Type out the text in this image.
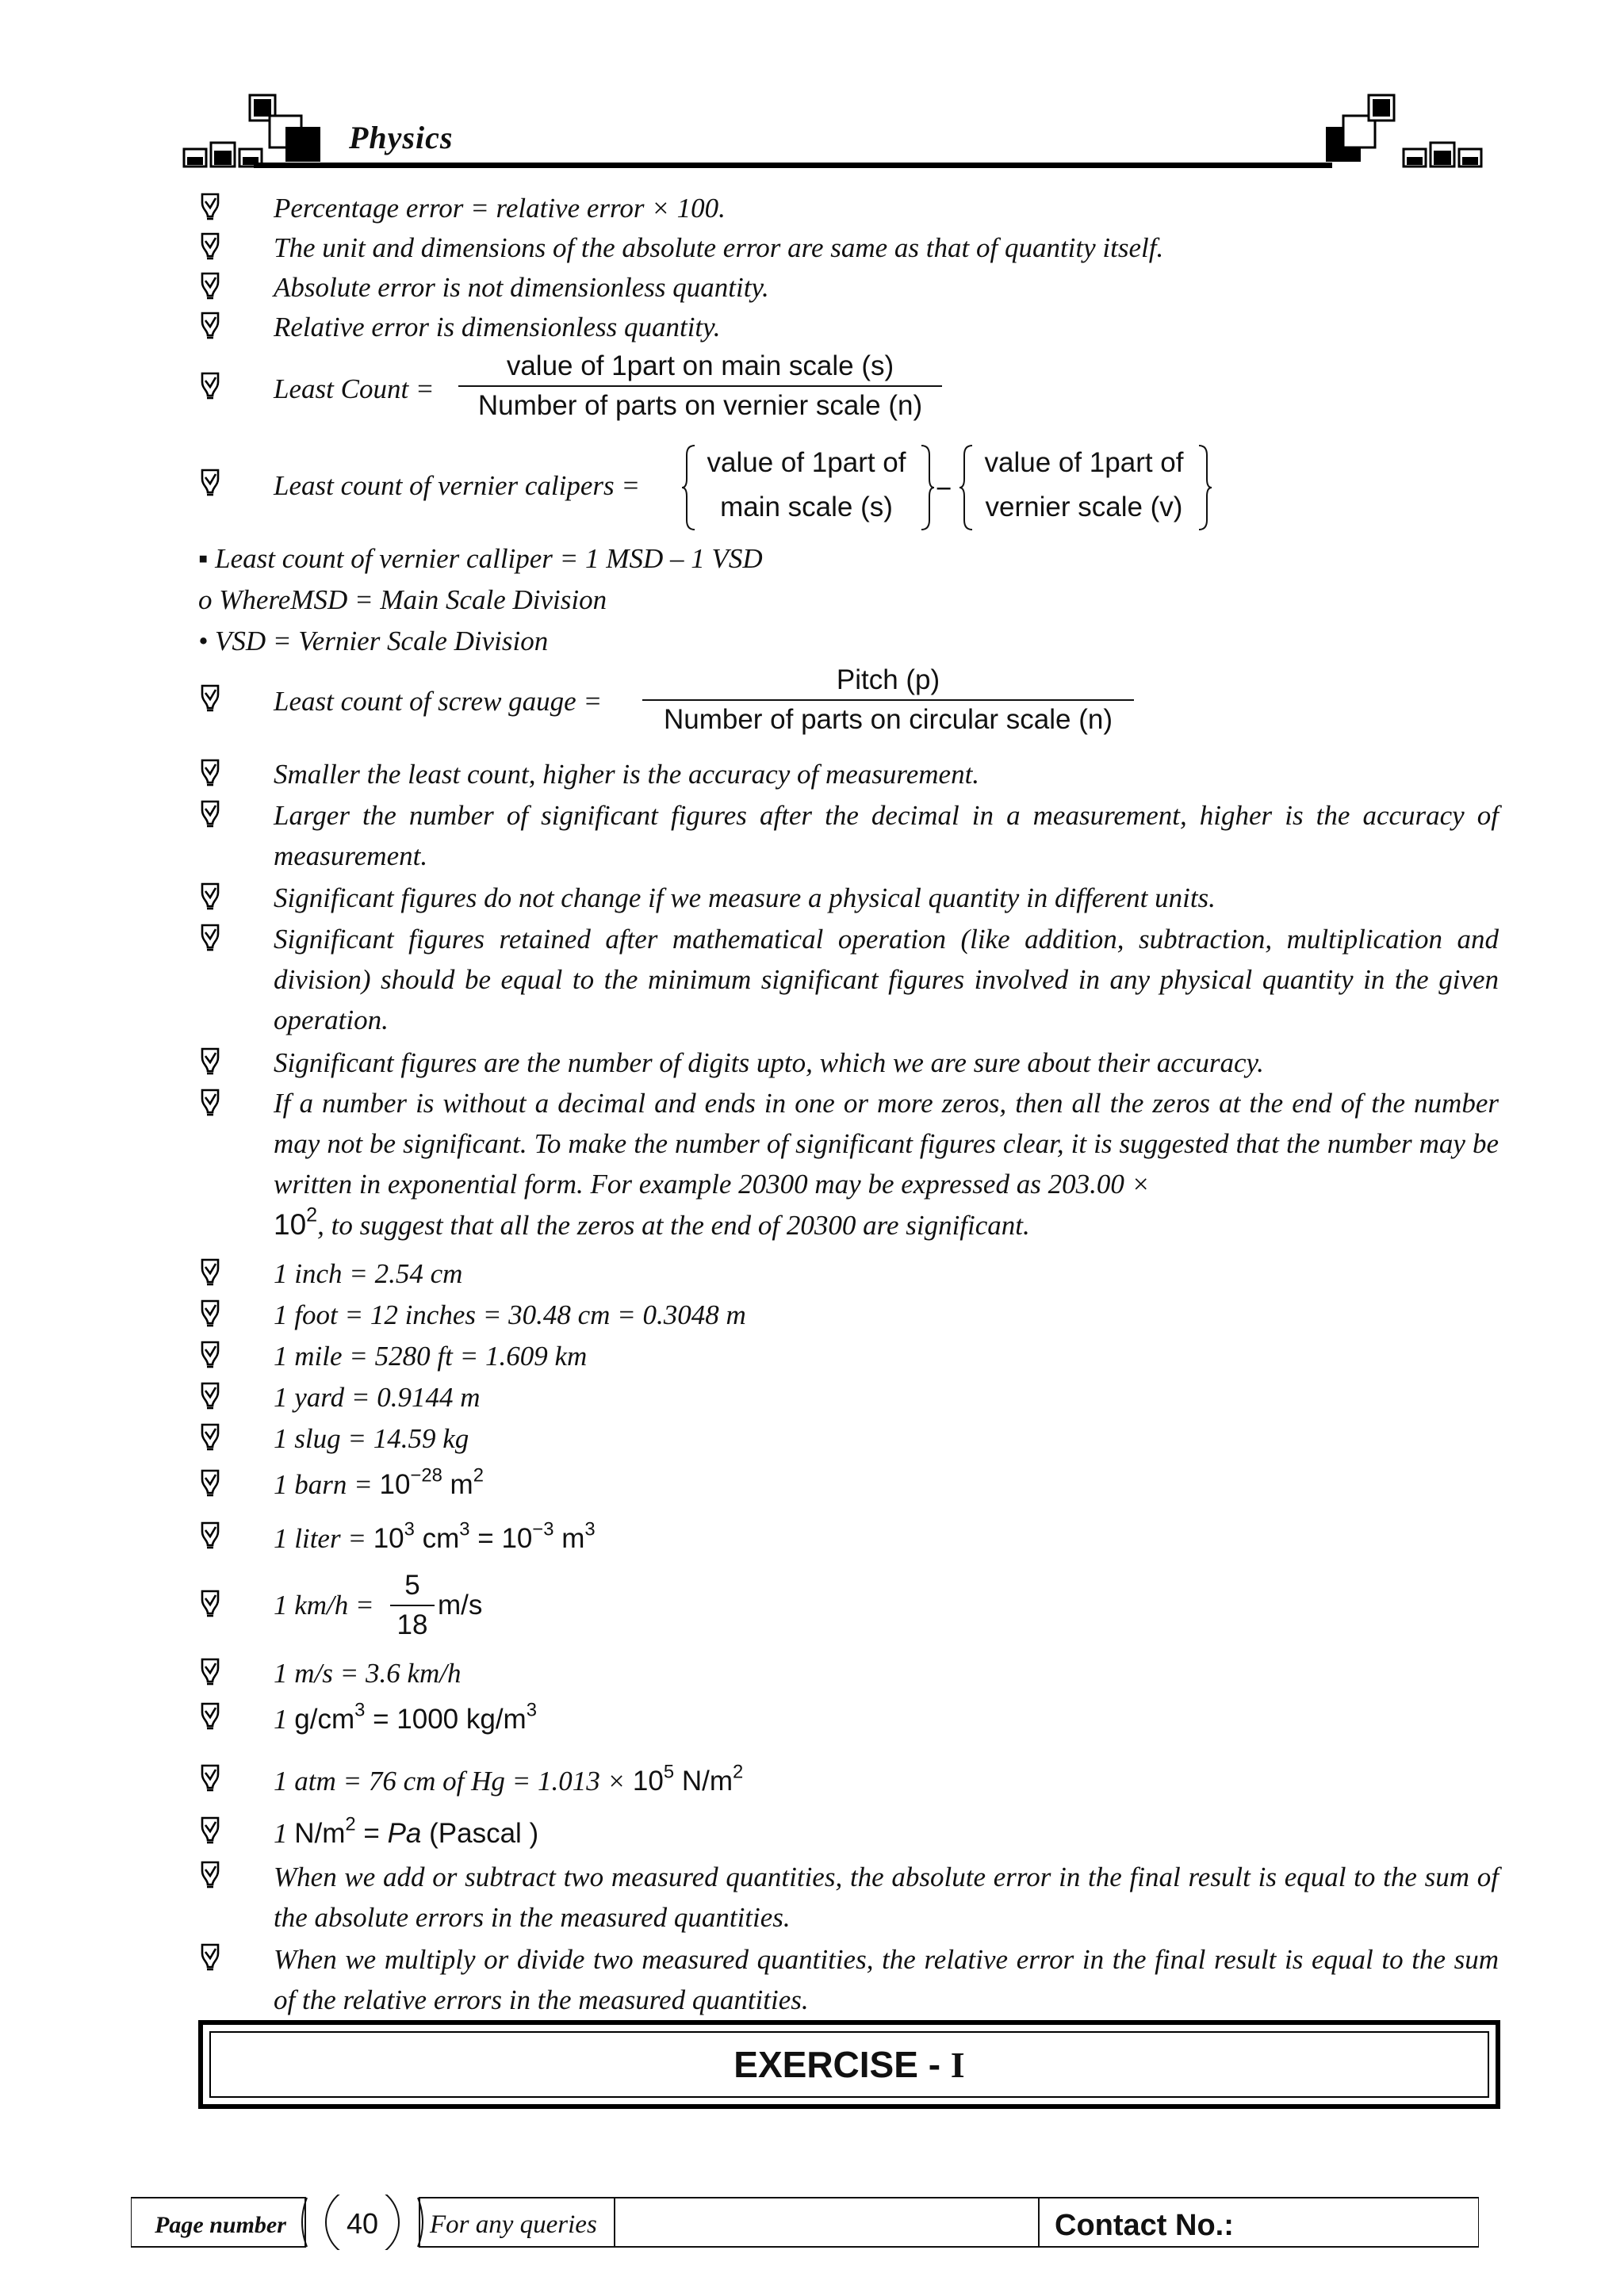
Physics
Percentage error = relative error × 100.
The unit and dimensions of the absolute error are same as that of quantity itself.
Absolute error is not dimensionless quantity.
Relative error is dimensionless quantity.
Least Count =
value of 1part on main scale (s)
Number of parts on vernier scale (n)
Least count of vernier calipers =
value of 1part of
main scale (s)
−
value of 1part of
vernier scale (v)
▪ Least count of vernier calliper = 1 MSD – 1 VSD
o WhereMSD = Main Scale Division
• VSD = Vernier Scale Division
Least count of screw gauge =
Pitch (p)
Number of parts on circular scale (n)
Smaller the least count, higher is the accuracy of measurement.
Larger the number of significant figures after the decimal in a measurement, higher is the accuracy of measurement.
Significant figures do not change if we measure a physical quantity in different units.
Significant figures retained after mathematical operation (like addition, subtraction, multiplication and division) should be equal to the minimum significant figures involved in any physical quantity in the given operation.
Significant figures are the number of digits upto, which we are sure about their accuracy.
If a number is without a decimal and ends in one or more zeros, then all the zeros at the end of the number may not be significant. To make the number of significant figures clear, it is suggested that the number may be written in exponential form. For example 20300 may be expressed as 203.00 ×
$10^2$, to suggest that all the zeros at the end of 20300 are significant.
1 inch = 2.54 cm
1 foot = 12 inches = 30.48 cm = 0.3048 m
1 mile = 5280 ft = 1.609 km
1 yard = 0.9144 m
1 slug = 14.59 kg
1 barn = $10^{-28}$ $m^2$
1 liter = $10^3$ $cm^3 = 10^{-3}$ $m^3$
1 km/h =
5
18
m/s
1 m/s = 3.6 km/h
1 $g/cm^3 = 1000$ $kg/m^3$
1 atm = 76 cm of $Hg = 1.013 \times 10^5$ $N/m^2$
1 $N/m^2 = Pa$ (Pascal )
When we add or subtract two measured quantities, the absolute error in the final result is equal to the sum of the absolute errors in the measured quantities.
When we multiply or divide two measured quantities, the relative error in the final result is equal to the sum of the relative errors in the measured quantities.
EXERCISE -
I
Page number	40	For any queries	Contact No.:
